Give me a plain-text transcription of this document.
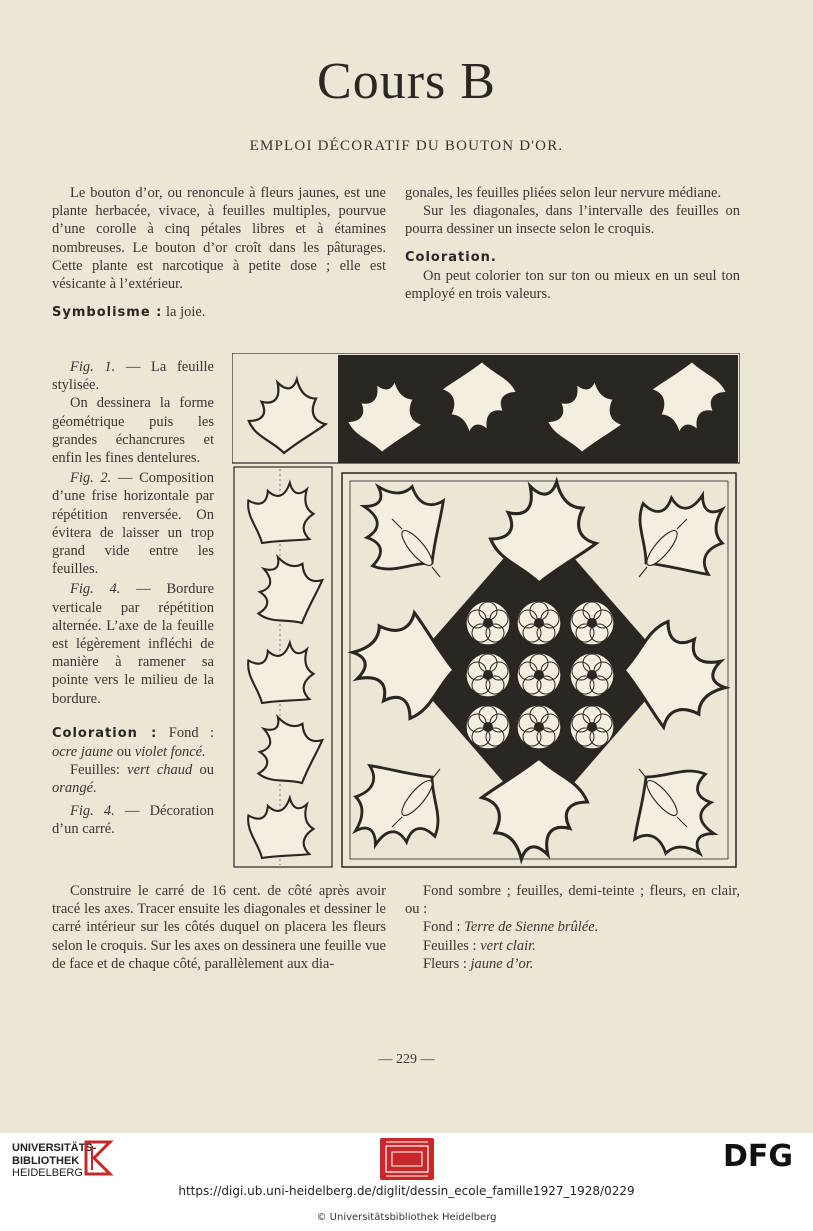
Cours B
EMPLOI DÉCORATIF DU BOUTON D'OR.

Le bouton d’or, ou renoncule à fleurs jaunes, est une plante herbacée, vivace, à feuilles multiples, pourvue d’une corolle à cinq pétales libres et à étamines nombreuses. Le bouton d’or croît dans les pâturages. Cette plante est narcotique à petite dose ; elle est vésicante à l’extérieur.

Symbolisme : la joie.

gonales, les feuilles pliées selon leur nervure médiane.

Sur les diagonales, dans l’intervalle des feuilles on pourra dessiner un insecte selon le croquis.

Coloration.

On peut colorier ton sur ton ou mieux en un seul ton employé en trois valeurs.

Fig. 1. — La feuille stylisée.

On dessinera la forme géométrique puis les grandes échancrures et enfin les fines dentelures.

Fig. 2. — Composition d’une frise horizontale par répétition renversée. On évitera de laisser un trop grand vide entre les feuilles.

Fig. 4. — Bordure verticale par répétition alternée. L’axe de la feuille est légèrement infléchi de manière à ramener sa pointe vers le milieu de la bordure.

Coloration : Fond : ocre jaune ou violet foncé.

Feuilles: vert chaud ou orangé.

Fig. 4. — Décoration d’un carré.

Construire le carré de 16 cent. de côté après avoir tracé les axes. Tracer ensuite les diagonales et dessiner le carré intérieur sur les côtés duquel on placera les fleurs selon le croquis. Sur les axes on dessinera une feuille vue de face et de chaque côté, parallèlement aux dia-

Fond sombre ; feuilles, demi-teinte ; fleurs, en clair, ou :

Fond : Terre de Sienne brûlée.

Feuilles : vert clair.

Fleurs : jaune d’or.

— 229 —
UNIVERSITÄTS-
BIBLIOTHEK
HEIDELBERG	DFG
https://digi.ub.uni-heidelberg.de/diglit/dessin_ecole_famille1927_1928/0229
© Universitätsbibliothek Heidelberg
